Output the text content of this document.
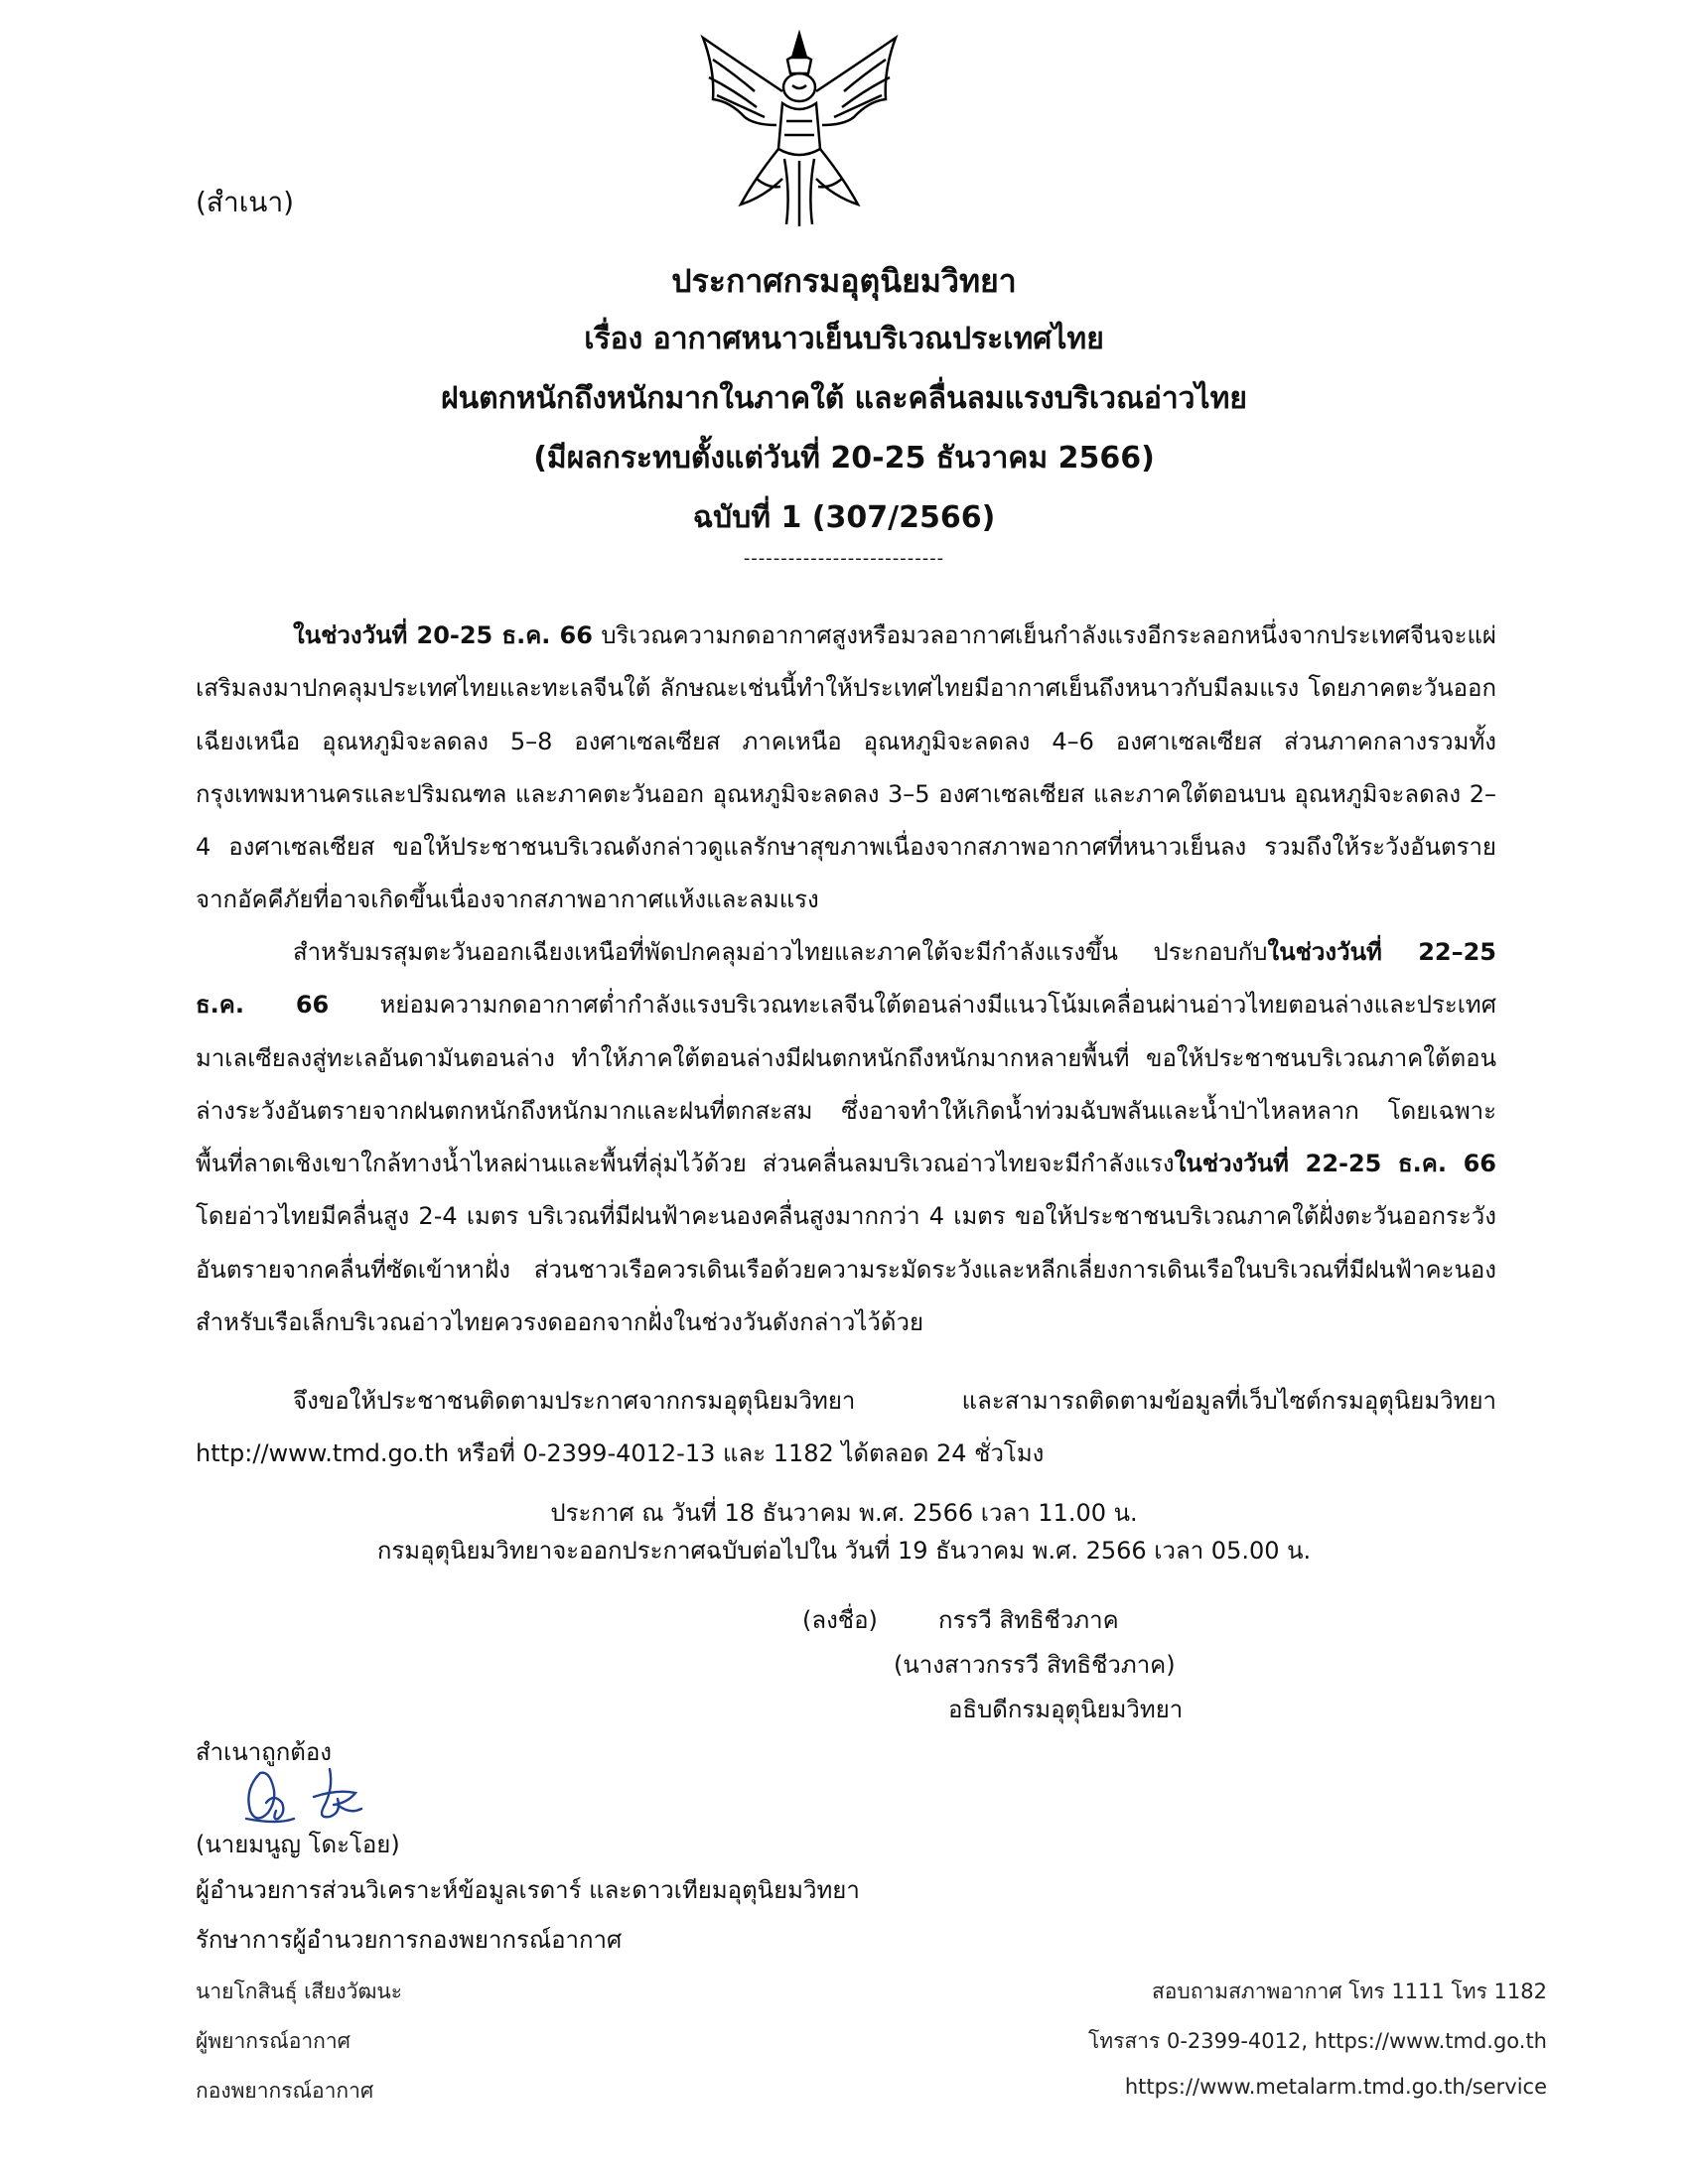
(สำเนา)
ประกาศกรมอุตุนิยมวิทยา
เรื่อง อากาศหนาวเย็นบริเวณประเทศไทย
ฝนตกหนักถึงหนักมากในภาคใต้ และคลื่นลมแรงบริเวณอ่าวไทย
(มีผลกระทบตั้งแต่วันที่ 20-25 ธันวาคม 2566)
ฉบับที่ 1 (307/2566)
---------------------------

ในช่วงวันที่ 20-25 ธ.ค. 66 บริเวณความกดอากาศสูงหรือมวลอากาศเย็นกำลังแรงอีกระลอกหนึ่งจากประเทศจีนจะแผ่เสริมลงมาปกคลุมประเทศไทยและทะเลจีนใต้ ลักษณะเช่นนี้ทำให้ประเทศไทยมีอากาศเย็นถึงหนาวกับมีลมแรง โดยภาคตะวันออกเฉียงเหนือ อุณหภูมิจะลดลง 5–8 องศาเซลเซียส ภาคเหนือ อุณหภูมิจะลดลง 4–6 องศาเซลเซียส ส่วนภาคกลางรวมทั้งกรุงเทพมหานครและปริมณฑล และภาคตะวันออก อุณหภูมิจะลดลง 3–5 องศาเซลเซียส และภาคใต้ตอนบน อุณหภูมิจะลดลง 2–4 องศาเซลเซียส ขอให้ประชาชนบริเวณดังกล่าวดูแลรักษาสุขภาพเนื่องจากสภาพอากาศที่หนาวเย็นลง รวมถึงให้ระวังอันตรายจากอัคคีภัยที่อาจเกิดขึ้นเนื่องจากสภาพอากาศแห้งและลมแรง

สำหรับมรสุมตะวันออกเฉียงเหนือที่พัดปกคลุมอ่าวไทยและภาคใต้จะมีกำลังแรงขึ้น ประกอบกับในช่วงวันที่ 22–25 ธ.ค. 66 หย่อมความกดอากาศต่ำกำลังแรงบริเวณทะเลจีนใต้ตอนล่างมีแนวโน้มเคลื่อนผ่านอ่าวไทยตอนล่างและประเทศมาเลเซียลงสู่ทะเลอันดามันตอนล่าง ทำให้ภาคใต้ตอนล่างมีฝนตกหนักถึงหนักมากหลายพื้นที่ ขอให้ประชาชนบริเวณภาคใต้ตอนล่างระวังอันตรายจากฝนตกหนักถึงหนักมากและฝนที่ตกสะสม ซึ่งอาจทำให้เกิดน้ำท่วมฉับพลันและน้ำป่าไหลหลาก โดยเฉพาะพื้นที่ลาดเชิงเขาใกล้ทางน้ำไหลผ่านและพื้นที่ลุ่มไว้ด้วย ส่วนคลื่นลมบริเวณอ่าวไทยจะมีกำลังแรงในช่วงวันที่ 22-25 ธ.ค. 66 โดยอ่าวไทยมีคลื่นสูง 2-4 เมตร บริเวณที่มีฝนฟ้าคะนองคลื่นสูงมากกว่า 4 เมตร ขอให้ประชาชนบริเวณภาคใต้ฝั่งตะวันออกระวังอันตรายจากคลื่นที่ซัดเข้าหาฝั่ง ส่วนชาวเรือควรเดินเรือด้วยความระมัดระวังและหลีกเลี่ยงการเดินเรือในบริเวณที่มีฝนฟ้าคะนอง สำหรับเรือเล็กบริเวณอ่าวไทยควรงดออกจากฝั่งในช่วงวันดังกล่าวไว้ด้วย

จึงขอให้ประชาชนติดตามประกาศจากกรมอุตุนิยมวิทยา และสามารถติดตามข้อมูลที่เว็บไซต์กรมอุตุนิยมวิทยา http://www.tmd.go.th หรือที่ 0-2399-4012-13 และ 1182 ได้ตลอด 24 ชั่วโมง

ประกาศ ณ วันที่ 18 ธันวาคม พ.ศ. 2566 เวลา 11.00 น.
กรมอุตุนิยมวิทยาจะออกประกาศฉบับต่อไปใน วันที่ 19 ธันวาคม พ.ศ. 2566 เวลา 05.00 น.
(ลงชื่อ)	กรรวี สิทธิชีวภาค
(นางสาวกรรวี สิทธิชีวภาค)
อธิบดีกรมอุตุนิยมวิทยา
สำเนาถูกต้อง
(นายมนูญ โดะโอย)
ผู้อำนวยการส่วนวิเคราะห์ข้อมูลเรดาร์ และดาวเทียมอุตุนิยมวิทยา
รักษาการผู้อำนวยการกองพยากรณ์อากาศ
นายโกสินธุ์ เสียงวัฒนะ
ผู้พยากรณ์อากาศ
กองพยากรณ์อากาศ
สอบถามสภาพอากาศ โทร 1111 โทร 1182
โทรสาร 0-2399-4012, https://www.tmd.go.th
https://www.metalarm.tmd.go.th/service
